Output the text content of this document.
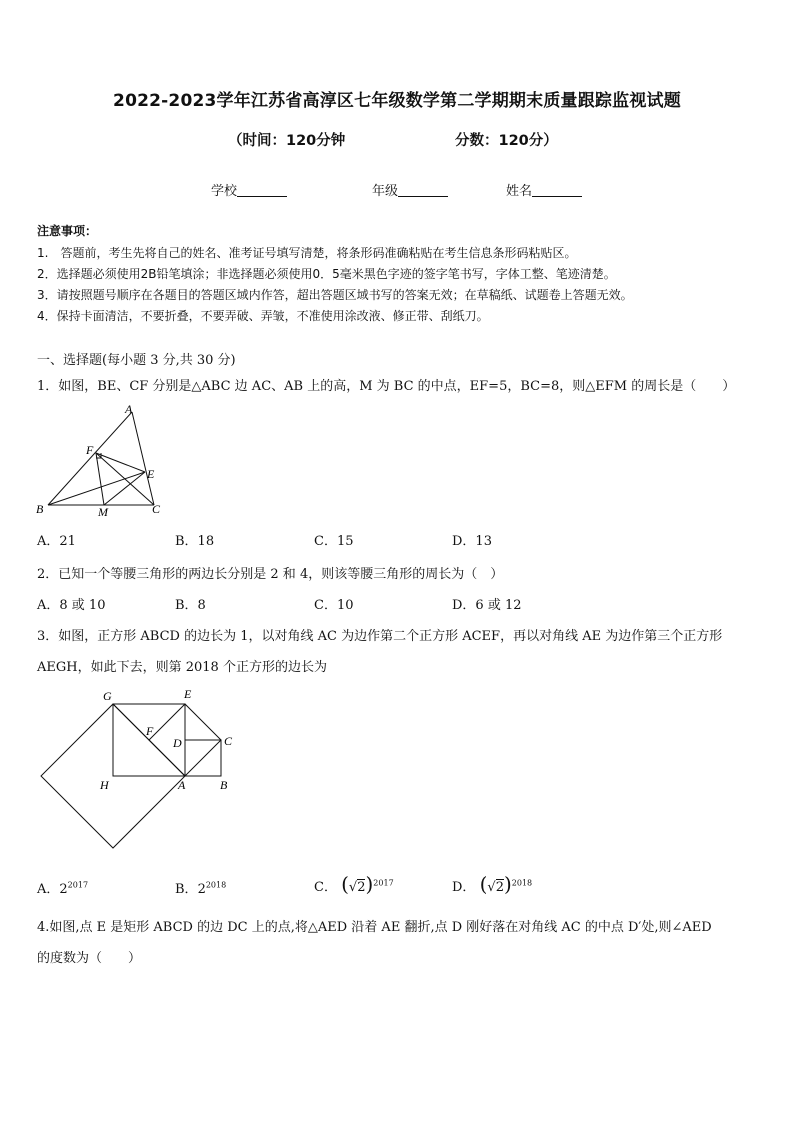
2022-2023学年江苏省高淳区七年级数学第二学期期末质量跟踪监视试题
（时间：120分钟	分数：120分）
学校	年级	姓名
注意事项：
1.　答题前，考生先将自己的姓名、准考证号填写清楚，将条形码准确粘贴在考生信息条形码粘贴区。
2．选择题必须使用2B铅笔填涂；非选择题必须使用0．5毫米黑色字迹的签字笔书写，字体工整、笔迹清楚。
3．请按照题号顺序在各题目的答题区域内作答，超出答题区域书写的答案无效；在草稿纸、试题卷上答题无效。
4．保持卡面清洁，不要折叠，不要弄破、弄皱，不准使用涂改液、修正带、刮纸刀。
一、选择题(每小题 3 分,共 30 分)
1．如图，BE、CF 分别是△ABC 边 AC、AB 上的高，M 为 BC 的中点，EF=5，BC=8，则△EFM 的周长是（　　）
A
F
E
B	M	C
A．21	B．18	C．15	D．13
2．已知一个等腰三角形的两边长分别是 2 和 4，则该等腰三角形的周长为（　）
A．8 或 10	B．8	C．10	D．6 或 12
3．如图，正方形 ABCD 的边长为 1，以对角线 AC 为边作第二个正方形 ACEF，再以对角线 AE 为边作第三个正方形
AEGH，如此下去，则第 2018 个正方形的边长为
G	E
F
D	C
H	A	B
A．$2^{2017}$	B．$2^{2018}$	C． $(√2)^{2017}$	D． $(√2)^{2018}$
4.如图,点 E 是矩形 ABCD 的边 DC 上的点,将△AED 沿着 AE 翻折,点 D 刚好落在对角线 AC 的中点 D′处,则∠AED
的度数为（　　）
